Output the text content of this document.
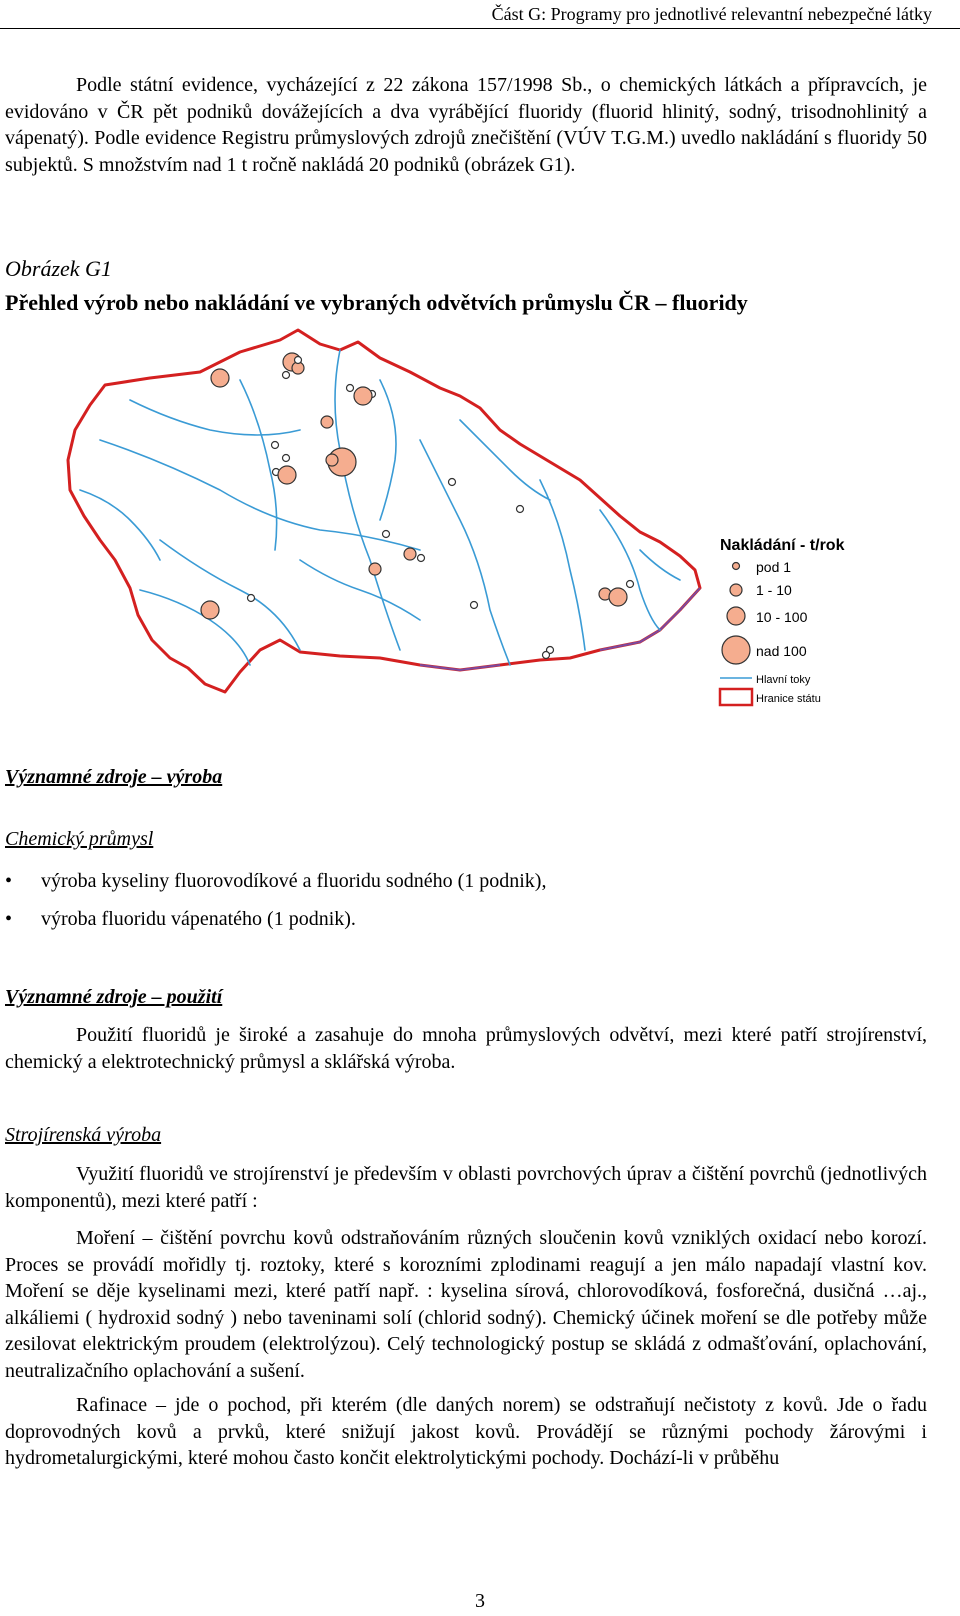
Část G: Programy pro jednotlivé relevantní nebezpečné látky
Podle státní evidence, vycházející z 22 zákona 157/1998 Sb., o chemických látkách a přípravcích, je evidováno v ČR pět podniků dovážejících a dva vyrábějící fluoridy (fluorid hlinitý, sodný, trisodnohlinitý a vápenatý). Podle evidence Registru průmyslových zdrojů znečištění (VÚV T.G.M.) uvedlo nakládání s fluoridy 50 subjektů. S množstvím nad 1 t ročně nakládá 20 podniků (obrázek G1).
Obrázek G1
Přehled výrob nebo nakládání ve vybraných odvětvích průmyslu ČR – fluoridy
Nakládání - t/rok
pod 1
1 - 10
10 - 100
nad 100
Hlavní toky
Hranice státu
Významné zdroje – výroba
Chemický průmysl
• výroba kyseliny fluorovodíkové a fluoridu sodného (1 podnik),
• výroba fluoridu vápenatého (1 podnik).
Významné zdroje – použití
Použití fluoridů je široké a zasahuje do mnoha průmyslových odvětví, mezi které patří strojírenství, chemický a elektrotechnický průmysl a sklářská výroba.
Strojírenská výroba
Využití fluoridů ve strojírenství je především v oblasti povrchových úprav a čištění povrchů (jednotlivých komponentů), mezi které patří :
Moření – čištění povrchu kovů odstraňováním různých sloučenin kovů vzniklých oxidací nebo korozí. Proces se provádí mořidly tj. roztoky, které s korozními zplodinami reagují a jen málo napadají vlastní kov. Moření se děje kyselinami mezi, které patří např. : kyselina sírová, chlorovodíková, fosforečná, dusičná …aj., alkáliemi ( hydroxid sodný ) nebo taveninami solí (chlorid sodný). Chemický účinek moření se dle potřeby může zesilovat elektrickým proudem (elektrolýzou). Celý technologický postup se skládá z odmašťování, oplachování, neutralizačního oplachování a sušení.
Rafinace – jde o pochod, při kterém (dle daných norem) se odstraňují nečistoty z kovů. Jde o řadu doprovodných kovů a prvků, které snižují jakost kovů. Provádějí se různými pochody žárovými i hydrometalurgickými, které mohou často končit elektrolytickými pochody. Dochází-li v průběhu
3
